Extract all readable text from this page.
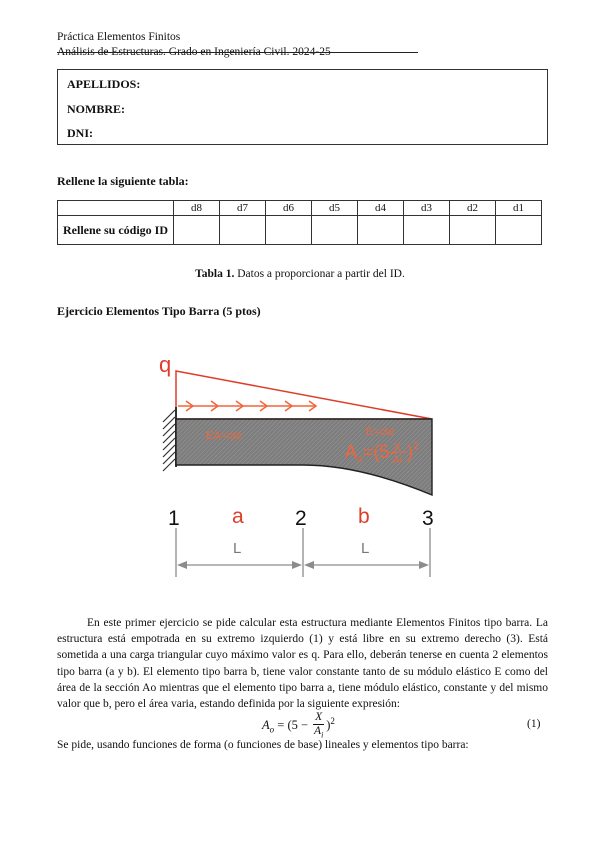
Práctica Elementos Finitos
Análisis de Estructuras. Grado en Ingeniería Civil. 2024-25
APELLIDOS:
NOMBRE:
DNI:
Rellene la siguiente tabla:
	d8	d7	d6	d5	d4	d3	d2	d1
Rellene su código ID								
Tabla 1. Datos a proporcionar a partir del ID.
Ejercicio Elementos Tipo Barra (5 ptos)
q
EA=cte	E=cte
A o =(5-
X
Ai ) 2
1 a 2 b 3
L	L
En este primer ejercicio se pide calcular esta estructura mediante Elementos Finitos tipo barra. La estructura está empotrada en su extremo izquierdo (1) y está libre en su extremo derecho (3). Está sometida a una carga triangular cuyo máximo valor es q. Para ello, deberán tenerse en cuenta 2 elementos tipo barra (a y b). El elemento tipo barra b, tiene valor constante tanto de su módulo elástico E como del área de la sección Ao mientras que el elemento tipo barra a, tiene módulo elástico, constante y del mismo valor que b, pero el área varia, estando definida por la siguiente expresión:
$A_o = (5 - \frac{X}{A_i} )^2$	(1)
Se pide, usando funciones de forma (o funciones de base) lineales y elementos tipo barra:
